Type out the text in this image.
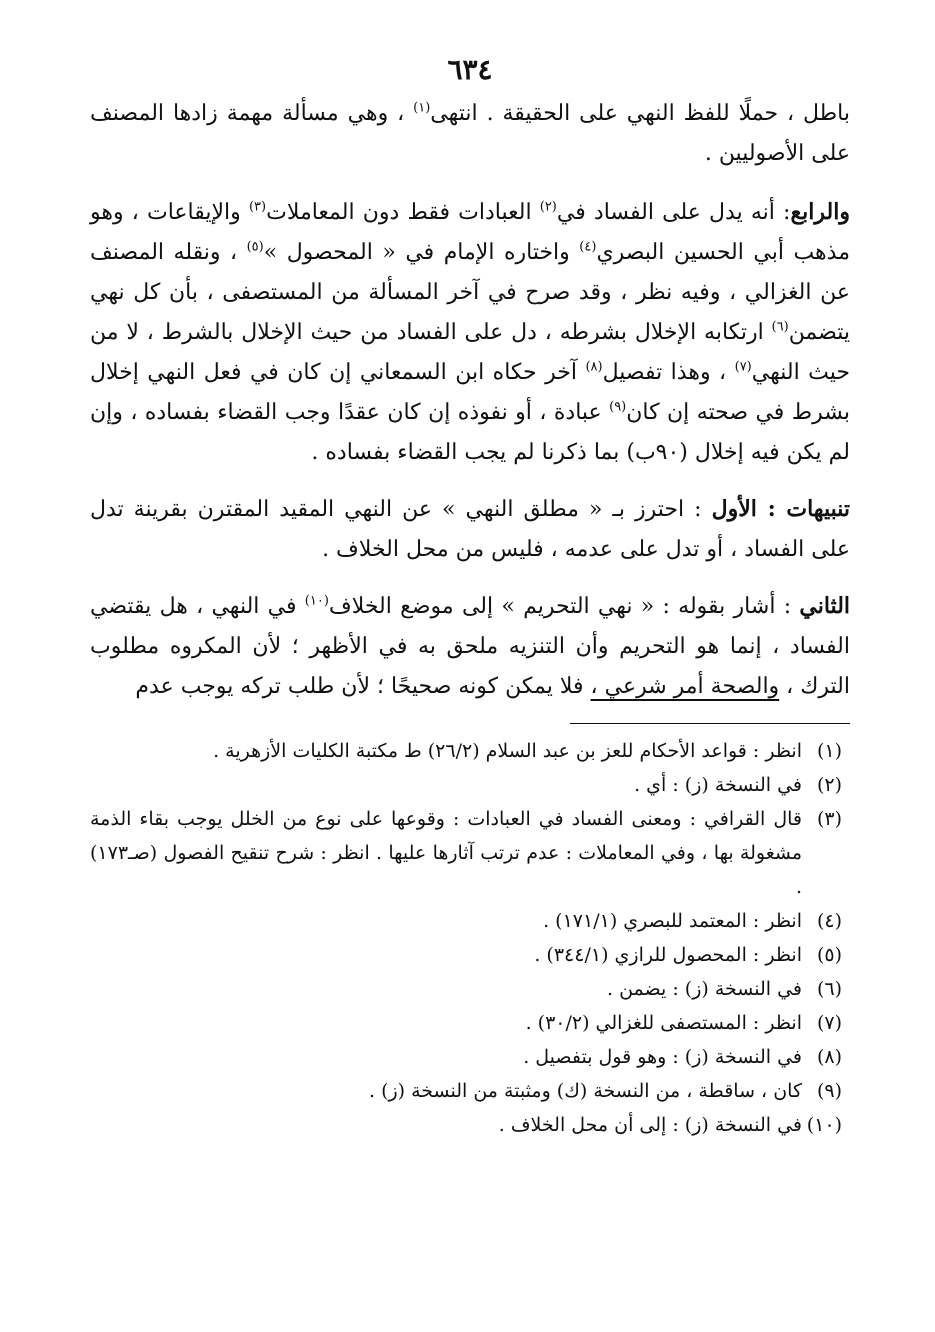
٦٣٤

باطل ، حملًا للفظ النهي على الحقيقة . انتهى$^{(١)}$ ، وهي مسألة مهمة زادها المصنف على الأصوليين .

والرابع: أنه يدل على الفساد في$^{(٢)}$ العبادات فقط دون المعاملات$^{(٣)}$ والإيقاعات ، وهو مذهب أبي الحسين البصري$^{(٤)}$ واختاره الإمام في « المحصول »$^{(٥)}$ ، ونقله المصنف عن الغزالي ، وفيه نظر ، وقد صرح في آخر المسألة من المستصفى ، بأن كل نهي يتضمن$^{(٦)}$ ارتكابه الإخلال بشرطه ، دل على الفساد من حيث الإخلال بالشرط ، لا من حيث النهي$^{(٧)}$ ، وهذا تفصيل$^{(٨)}$ آخر حكاه ابن السمعاني إن كان في فعل النهي إخلال بشرط في صحته إن كان$^{(٩)}$ عبادة ، أو نفوذه إن كان عقدًا وجب القضاء بفساده ، وإن لم يكن فيه إخلال (٩٠ب) بما ذكرنا لم يجب القضاء بفساده .

تنبيهات : الأول : احترز بـ « مطلق النهي » عن النهي المقيد المقترن بقرينة تدل على الفساد ، أو تدل على عدمه ، فليس من محل الخلاف .

الثاني : أشار بقوله : « نهي التحريم » إلى موضع الخلاف$^{(١٠)}$ في النهي ، هل يقتضي الفساد ، إنما هو التحريم وأن التنزيه ملحق به في الأظهر ؛ لأن المكروه مطلوب الترك ، والصحة أمر شرعي ، فلا يمكن كونه صحيحًا ؛ لأن طلب تركه يوجب عدم

(١)انظر : قواعد الأحكام للعز بن عبد السلام (٢٦/٢) ط مكتبة الكليات الأزهرية .

(٢)في النسخة (ز) : أي .

(٣)قال القرافي : ومعنى الفساد في العبادات : وقوعها على نوع من الخلل يوجب بقاء الذمة مشغولة بها ، وفي المعاملات : عدم ترتب آثارها عليها . انظر : شرح تنقيح الفصول (صـ١٧٣) .

(٤)انظر : المعتمد للبصري (١٧١/١) .

(٥)انظر : المحصول للرازي (٣٤٤/١) .

(٦)في النسخة (ز) : يضمن .

(٧)انظر : المستصفى للغزالي (٣٠/٢) .

(٨)في النسخة (ز) : وهو قول بتفصيل .

(٩)كان ، ساقطة ، من النسخة (ك) ومثبتة من النسخة (ز) .

(١٠)في النسخة (ز) : إلى أن محل الخلاف .
